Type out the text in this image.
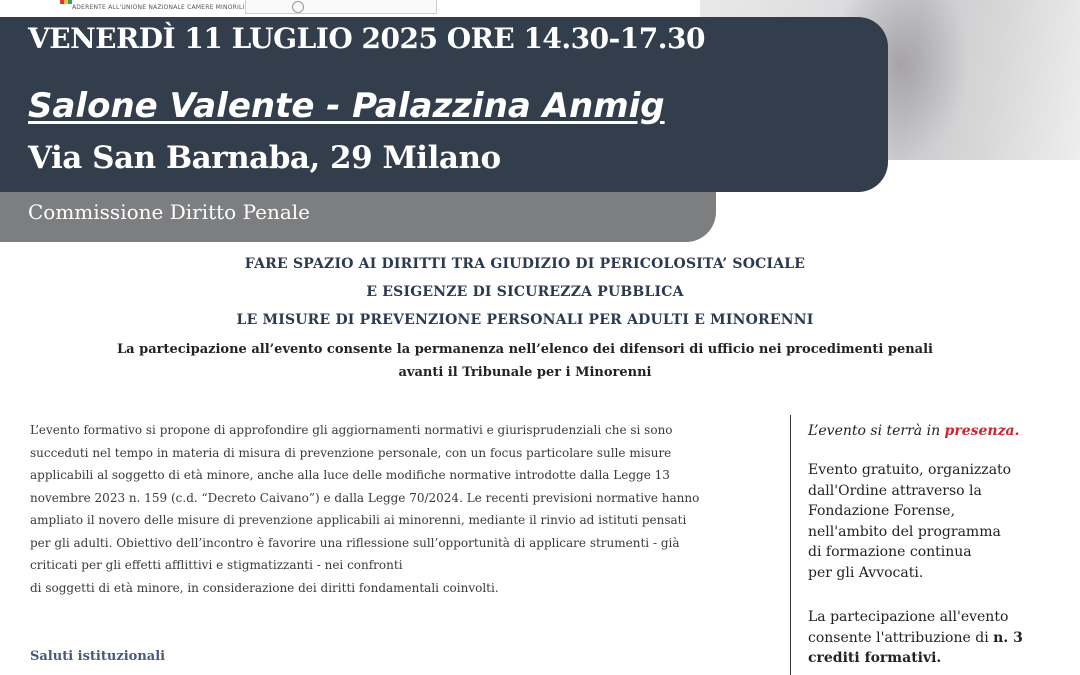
ADERENTE ALL'UNIONE NAZIONALE CAMERE MINORILI
VENERDÌ 11 LUGLIO 2025 ORE 14.30-17.30
Salone Valente - Palazzina Anmig
Via San Barnaba, 29 Milano
Commissione Diritto Penale
FARE SPAZIO AI DIRITTI TRA GIUDIZIO DI PERICOLOSITA’ SOCIALE
E ESIGENZE DI SICUREZZA PUBBLICA
LE MISURE DI PREVENZIONE PERSONALI PER ADULTI E MINORENNI
La partecipazione all’evento consente la permanenza nell’elenco dei difensori di ufficio nei procedimenti penali
avanti il Tribunale per i Minorenni
L’evento formativo si propone di approfondire gli aggiornamenti normativi e giurisprudenziali che si sono
succeduti nel tempo in materia di misura di prevenzione personale, con un focus particolare sulle misure
applicabili al soggetto di età minore, anche alla luce delle modifiche normative introdotte dalla Legge 13
novembre 2023 n. 159 (c.d. “Decreto Caivano”) e dalla Legge 70/2024. Le recenti previsioni normative hanno
ampliato il novero delle misure di prevenzione applicabili ai minorenni, mediante il rinvio ad istituti pensati
per gli adulti. Obiettivo dell’incontro è favorire una riflessione sull’opportunità di applicare strumenti - già
criticati per gli effetti afflittivi e stigmatizzanti - nei confronti
di soggetti di età minore, in considerazione dei diritti fondamentali coinvolti.
Saluti istituzionali
L’evento si terrà in presenza.
Evento gratuito, organizzato
dall'Ordine attraverso la
Fondazione Forense,
nell'ambito del programma
di formazione continua
per gli Avvocati.
La partecipazione all'evento
consente l'attribuzione di n. 3
crediti formativi.
